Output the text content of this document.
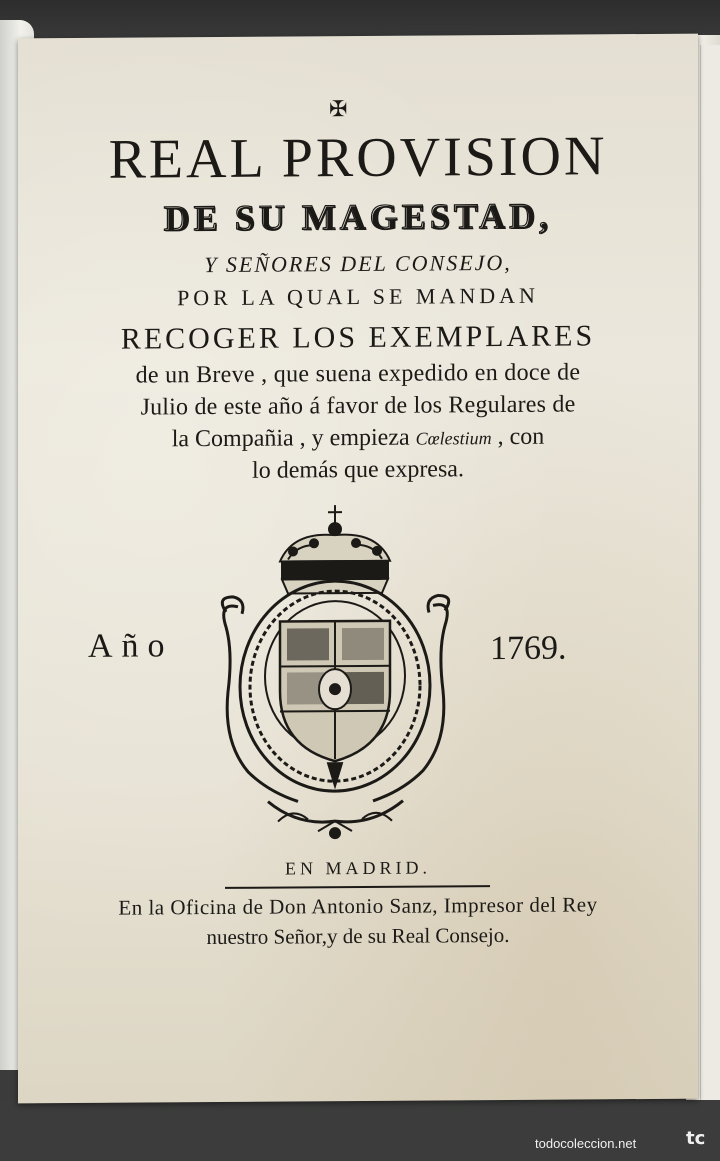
✠
REAL PROVISION
DE SU MAGESTAD,
Y SEÑORES DEL CONSEJO,
POR LA QUAL SE MANDAN
RECOGER LOS EXEMPLARES
de un Breve , que suena expedido en doce de
Julio de este año á favor de los Regulares de
la Compañia , y empieza Cœlestium , con
lo demás que expresa.
Año	1769.
EN MADRID.
En la Oficina de Don Antonio Sanz, Impresor del Rey
nuestro Señor,y de su Real Consejo.
todocoleccion.net	tc
